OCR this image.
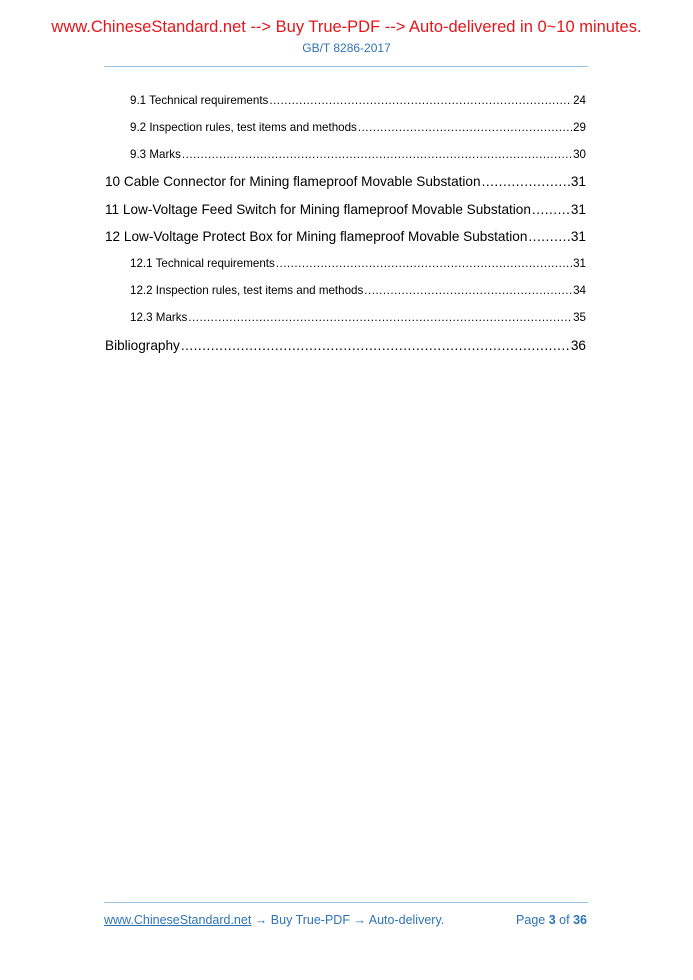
www.ChineseStandard.net --> Buy True-PDF --> Auto-delivered in 0~10 minutes.
GB/T 8286-2017
9.1 Technical requirements .....	24
9.2 Inspection rules, test items and methods .....	29
9.3 Marks .....	30
10 Cable Connector for Mining flameproof Movable Substation .....	31
11 Low-Voltage Feed Switch for Mining flameproof Movable Substation .....	31
12 Low-Voltage Protect Box for Mining flameproof Movable Substation .....	31
12.1 Technical requirements .....	31
12.2 Inspection rules, test items and methods .....	34
12.3 Marks .....	35
Bibliography .....	36
www.ChineseStandard.net → Buy True-PDF → Auto-delivery.	Page 3 of 36
